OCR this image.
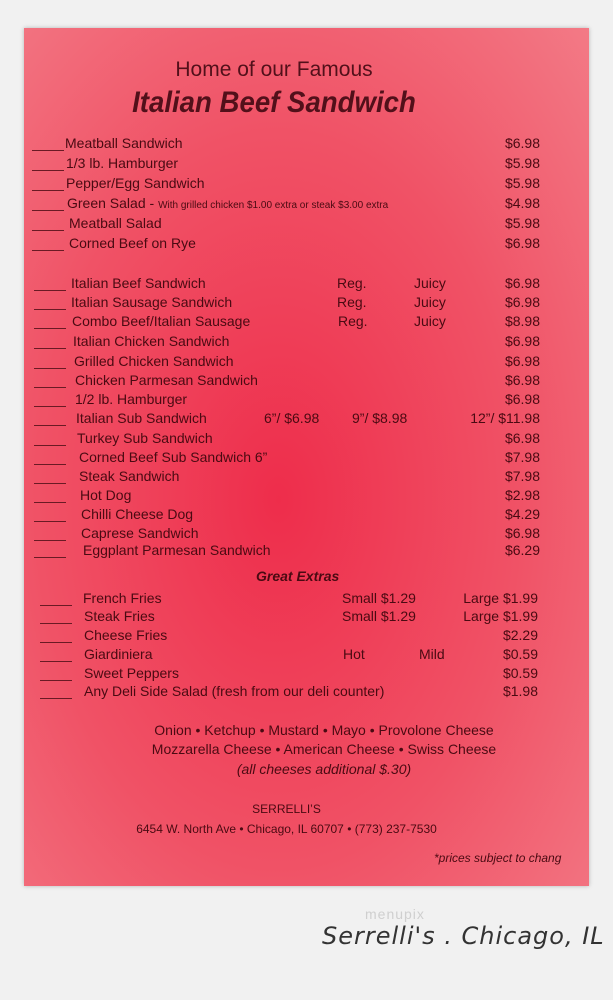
Home of our Famous
Italian Beef Sandwich
Meatball Sandwich	$6.98
1/3 lb. Hamburger	$5.98
Pepper/Egg Sandwich	$5.98
Green Salad - With grilled chicken $1.00 extra or steak $3.00 extra	$4.98
Meatball Salad	$5.98
Corned Beef on Rye	$6.98
Italian Beef Sandwich	Reg.	Juicy	$6.98
Italian Sausage Sandwich	Reg.	Juicy	$6.98
Combo Beef/Italian Sausage	Reg.	Juicy	$8.98
Italian Chicken Sandwich	$6.98
Grilled Chicken Sandwich	$6.98
Chicken Parmesan Sandwich	$6.98
1/2 lb. Hamburger	$6.98
Italian Sub Sandwich	6”/ $6.98 9”/ $8.98	12”/ $11.98
Turkey Sub Sandwich	$6.98
Corned Beef Sub Sandwich 6”	$7.98
Steak Sandwich	$7.98
Hot Dog	$2.98
Chilli Cheese Dog	$4.29
Caprese Sandwich	$6.98
Eggplant Parmesan Sandwich	$6.29
Great Extras
French Fries	Small $1.29	Large $1.99
Steak Fries	Small $1.29	Large $1.99
Cheese Fries	$2.29
Giardiniera	Hot	Mild	$0.59
Sweet Peppers	$0.59
Any Deli Side Salad (fresh from our deli counter)	$1.98
Onion • Ketchup • Mustard • Mayo • Provolone Cheese
Mozzarella Cheese • American Cheese • Swiss Cheese
(all cheeses additional $.30)
SERRELLI’S
6454 W. North Ave • Chicago, IL 60707 • (773) 237-7530
*prices subject to chang
menupix
Serrelli's . Chicago, IL
